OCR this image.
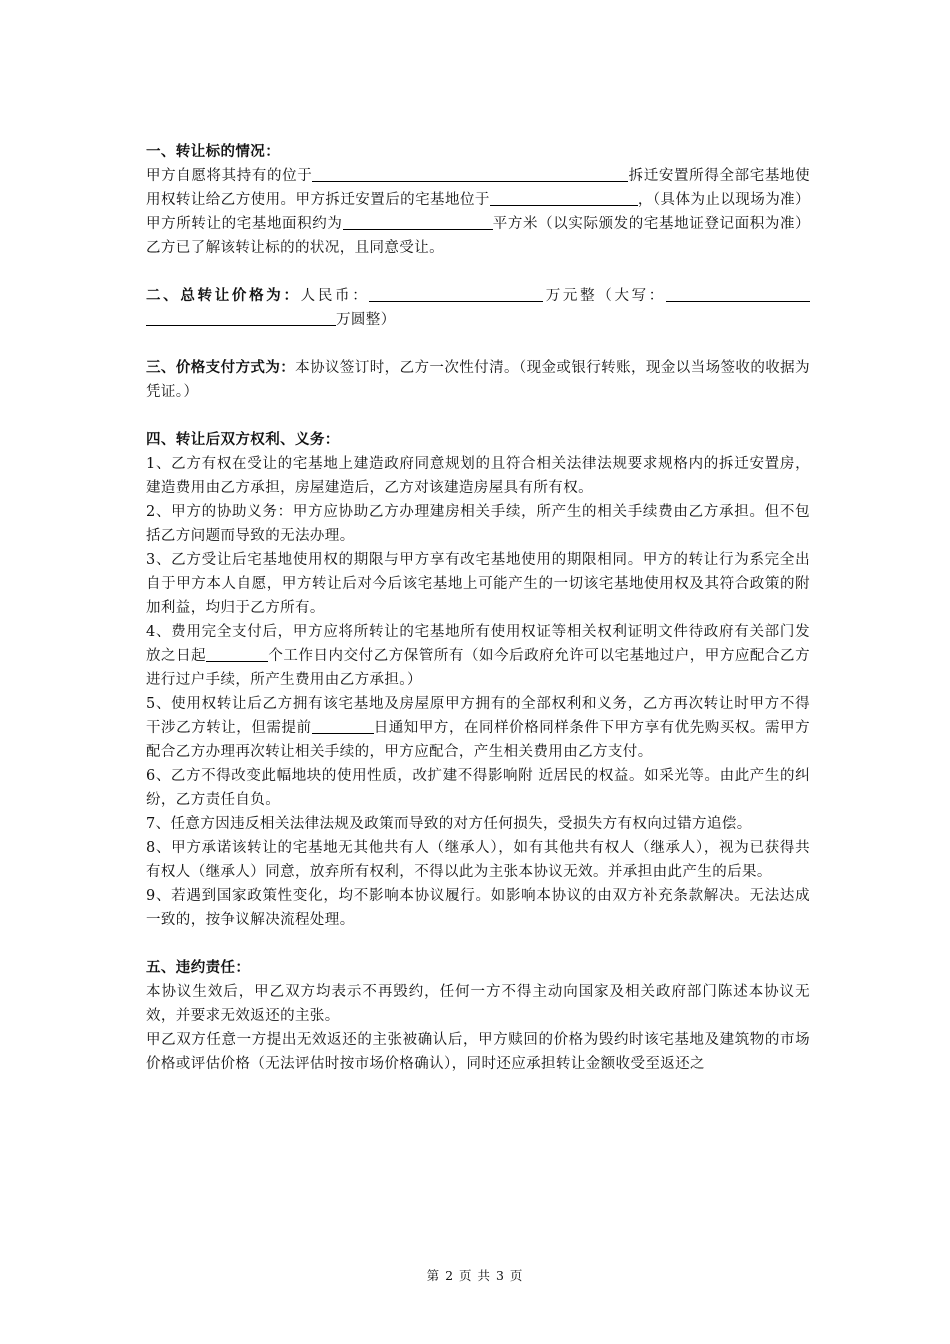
一、转让标的情况：

甲方自愿将其持有的位于	拆迁安置所得全部宅基地使用权转让给乙方使用。甲方拆迁安置后的宅基地位于	，（具体为止以现场为准）甲方所转让的宅基地面积约为	平方米（以实际颁发的宅基地证登记面积为准）乙方已了解该转让标的的状况，且同意受让。

二、总转让价格为：人民币：	万元整（大写：万圆整）

三、价格支付方式为：本协议签订时，乙方一次性付清。（现金或银行转账，现金以当场签收的收据为凭证。）

四、转让后双方权利、义务：

1、乙方有权在受让的宅基地上建造政府同意规划的且符合相关法律法规要求规格内的拆迁安置房，建造费用由乙方承担，房屋建造后，乙方对该建造房屋具有所有权。

2、甲方的协助义务：甲方应协助乙方办理建房相关手续，所产生的相关手续费由乙方承担。但不包括乙方问题而导致的无法办理。

3、乙方受让后宅基地使用权的期限与甲方享有改宅基地使用的期限相同。甲方的转让行为系完全出自于甲方本人自愿，甲方转让后对今后该宅基地上可能产生的一切该宅基地使用权及其符合政策的附加利益，均归于乙方所有。

4、费用完全支付后，甲方应将所转让的宅基地所有使用权证等相关权利证明文件待政府有关部门发放之日起	个工作日内交付乙方保管所有（如今后政府允许可以宅基地过户，甲方应配合乙方进行过户手续，所产生费用由乙方承担。）

5、使用权转让后乙方拥有该宅基地及房屋原甲方拥有的全部权利和义务，乙方再次转让时甲方不得干涉乙方转让，但需提前	日通知甲方，在同样价格同样条件下甲方享有优先购买权。需甲方配合乙方办理再次转让相关手续的，甲方应配合，产生相关费用由乙方支付。

6、乙方不得改变此幅地块的使用性质，改扩建不得影响附 近居民的权益。如采光等。由此产生的纠纷，乙方责任自负。

7、任意方因违反相关法律法规及政策而导致的对方任何损失，受损失方有权向过错方追偿。

8、甲方承诺该转让的宅基地无其他共有人（继承人），如有其他共有权人（继承人），视为已获得共有权人（继承人）同意，放弃所有权利，不得以此为主张本协议无效。并承担由此产生的后果。

9、若遇到国家政策性变化，均不影响本协议履行。如影响本协议的由双方补充条款解决。无法达成一致的，按争议解决流程处理。

五、违约责任：

本协议生效后，甲乙双方均表示不再毁约，任何一方不得主动向国家及相关政府部门陈述本协议无效，并要求无效返还的主张。

甲乙双方任意一方提出无效返还的主张被确认后，甲方赎回的价格为毁约时该宅基地及建筑物的市场价格或评估价格（无法评估时按市场价格确认），同时还应承担转让金额收受至返还之

第 2 页 共 3 页
